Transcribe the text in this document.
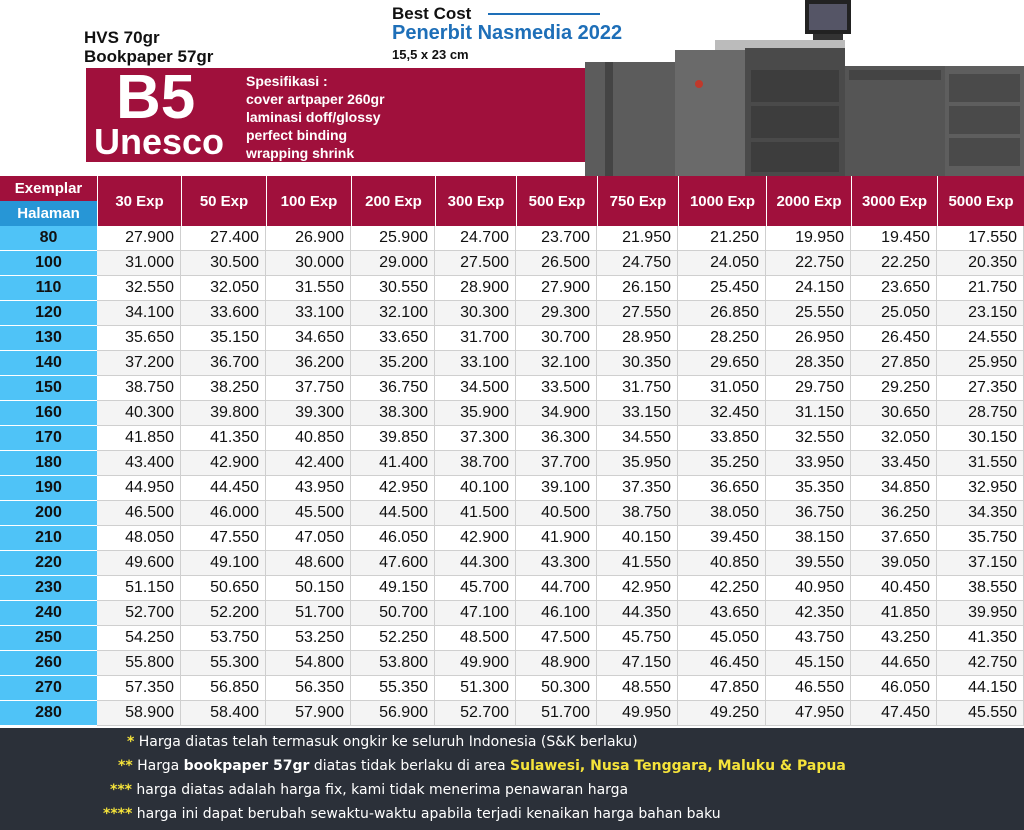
HVS 70gr
Bookpaper 57gr
Best Cost
Penerbit Nasmedia 2022
15,5 x 23 cm
B5
Unesco
Spesifikasi :
cover artpaper 260gr
laminasi doff/glossy
perfect binding
wrapping shrink
Exemplar
Halaman
30 Exp	50 Exp	100 Exp	200 Exp	300 Exp	500 Exp	750 Exp	1000 Exp	2000 Exp	3000 Exp	5000 Exp
80	27.900	27.400	26.900	25.900	24.700	23.700	21.950	21.250	19.950	19.450	17.550
100	31.000	30.500	30.000	29.000	27.500	26.500	24.750	24.050	22.750	22.250	20.350
110	32.550	32.050	31.550	30.550	28.900	27.900	26.150	25.450	24.150	23.650	21.750
120	34.100	33.600	33.100	32.100	30.300	29.300	27.550	26.850	25.550	25.050	23.150
130	35.650	35.150	34.650	33.650	31.700	30.700	28.950	28.250	26.950	26.450	24.550
140	37.200	36.700	36.200	35.200	33.100	32.100	30.350	29.650	28.350	27.850	25.950
150	38.750	38.250	37.750	36.750	34.500	33.500	31.750	31.050	29.750	29.250	27.350
160	40.300	39.800	39.300	38.300	35.900	34.900	33.150	32.450	31.150	30.650	28.750
170	41.850	41.350	40.850	39.850	37.300	36.300	34.550	33.850	32.550	32.050	30.150
180	43.400	42.900	42.400	41.400	38.700	37.700	35.950	35.250	33.950	33.450	31.550
190	44.950	44.450	43.950	42.950	40.100	39.100	37.350	36.650	35.350	34.850	32.950
200	46.500	46.000	45.500	44.500	41.500	40.500	38.750	38.050	36.750	36.250	34.350
210	48.050	47.550	47.050	46.050	42.900	41.900	40.150	39.450	38.150	37.650	35.750
220	49.600	49.100	48.600	47.600	44.300	43.300	41.550	40.850	39.550	39.050	37.150
230	51.150	50.650	50.150	49.150	45.700	44.700	42.950	42.250	40.950	40.450	38.550
240	52.700	52.200	51.700	50.700	47.100	46.100	44.350	43.650	42.350	41.850	39.950
250	54.250	53.750	53.250	52.250	48.500	47.500	45.750	45.050	43.750	43.250	41.350
260	55.800	55.300	54.800	53.800	49.900	48.900	47.150	46.450	45.150	44.650	42.750
270	57.350	56.850	56.350	55.350	51.300	50.300	48.550	47.850	46.550	46.050	44.150
280	58.900	58.400	57.900	56.900	52.700	51.700	49.950	49.250	47.950	47.450	45.550
* Harga diatas telah termasuk ongkir ke seluruh Indonesia (S&K berlaku)
** Harga bookpaper 57gr diatas tidak berlaku di area Sulawesi, Nusa Tenggara, Maluku & Papua
*** harga diatas adalah harga fix, kami tidak menerima penawaran harga
**** harga ini dapat berubah sewaktu-waktu apabila terjadi kenaikan harga bahan baku
